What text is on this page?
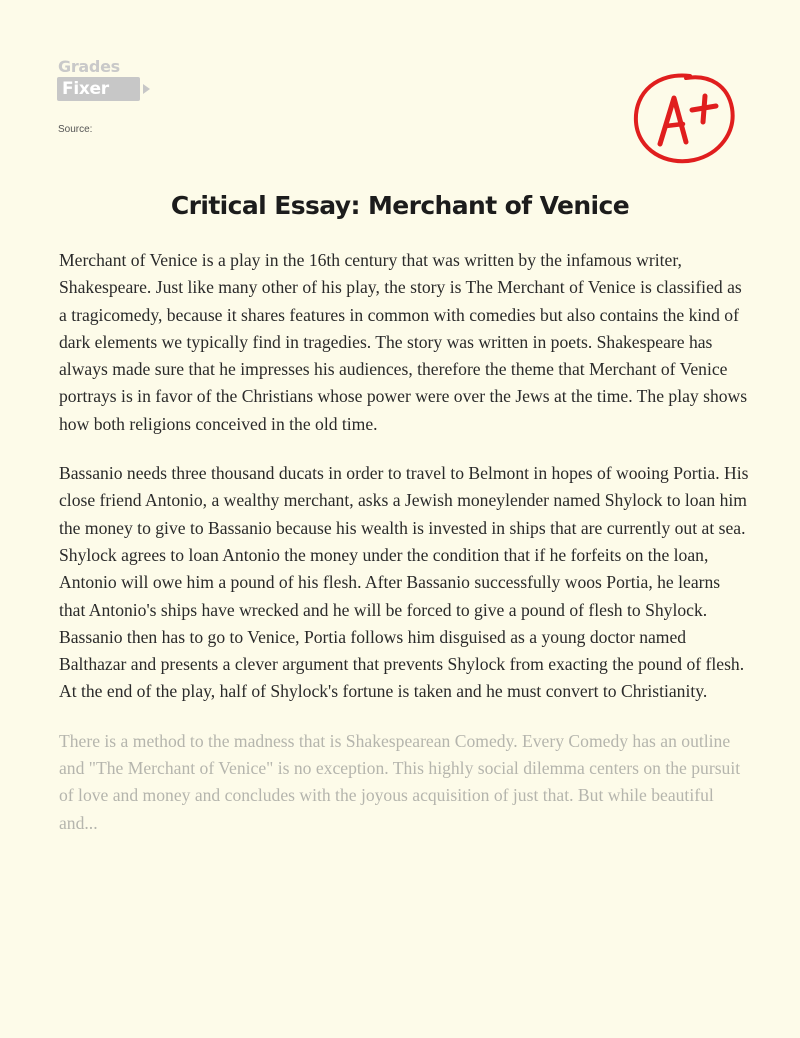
Grades
Fixer
Source:
Critical Essay: Merchant of Venice

Merchant of Venice is a play in the 16th century that was written by the infamous writer, Shakespeare. Just like many other of his play, the story is The Merchant of Venice is classified as a tragicomedy, because it shares features in common with comedies but also contains the kind of dark elements we typically find in tragedies. The story was written in poets. Shakespeare has always made sure that he impresses his audiences, therefore the theme that Merchant of Venice portrays is in favor of the Christians whose power were over the Jews at the time. The play shows how both religions conceived in the old time.

Bassanio needs three thousand ducats in order to travel to Belmont in hopes of wooing Portia. His close friend Antonio, a wealthy merchant, asks a Jewish moneylender named Shylock to loan him the money to give to Bassanio because his wealth is invested in ships that are currently out at sea. Shylock agrees to loan Antonio the money under the condition that if he forfeits on the loan, Antonio will owe him a pound of his flesh. After Bassanio successfully woos Portia, he learns that Antonio's ships have wrecked and he will be forced to give a pound of flesh to Shylock. Bassanio then has to go to Venice, Portia follows him disguised as a young doctor named Balthazar and presents a clever argument that prevents Shylock from exacting the pound of flesh. At the end of the play, half of Shylock's fortune is taken and he must convert to Christianity.

There is a method to the madness that is Shakespearean Comedy. Every Comedy has an outline and "The Merchant of Venice" is no exception. This highly social dilemma centers on the pursuit of love and money and concludes with the joyous acquisition of just that. But while beautiful and...
